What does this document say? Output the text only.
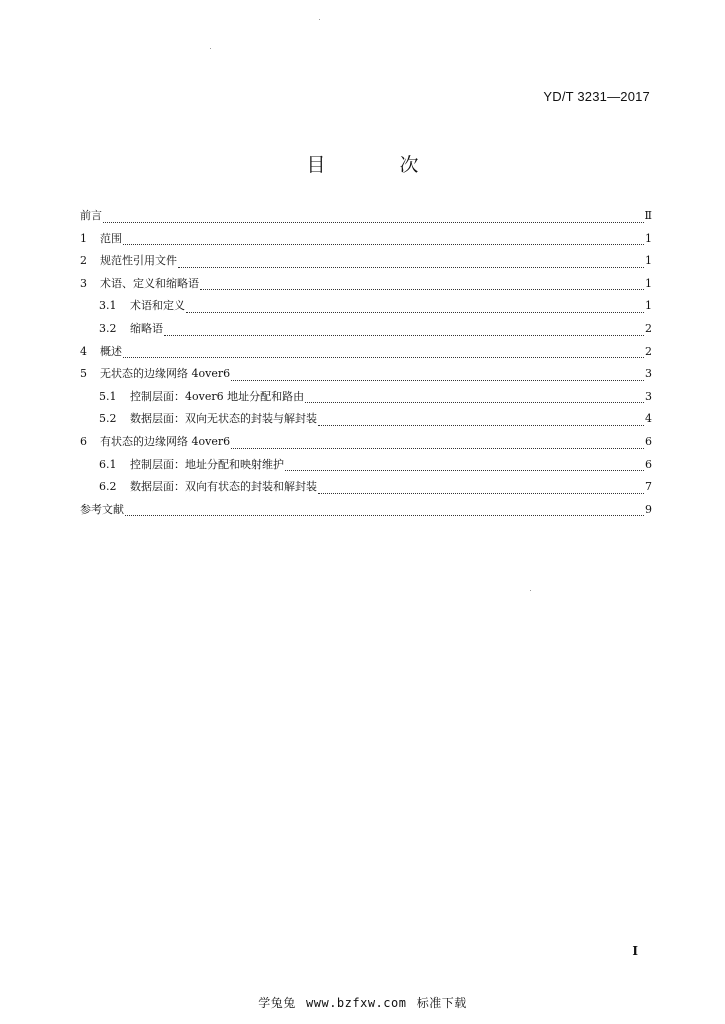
YD/T 3231—2017
目 次
前言	Ⅱ
1	范围	1
2	规范性引用文件	1
3	术语、定义和缩略语	1
3.1	术语和定义	1
3.2	缩略语	2
4	概述	2
5	无状态的边缘网络 4over6	3
5.1	控制层面：4over6 地址分配和路由	3
5.2	数据层面：双向无状态的封装与解封装	4
6	有状态的边缘网络 4over6	6
6.1	控制层面：地址分配和映射维护	6
6.2	数据层面：双向有状态的封装和解封装	7
参考文献	9
I
学兔兔 www.bzfxw.com 标准下载
